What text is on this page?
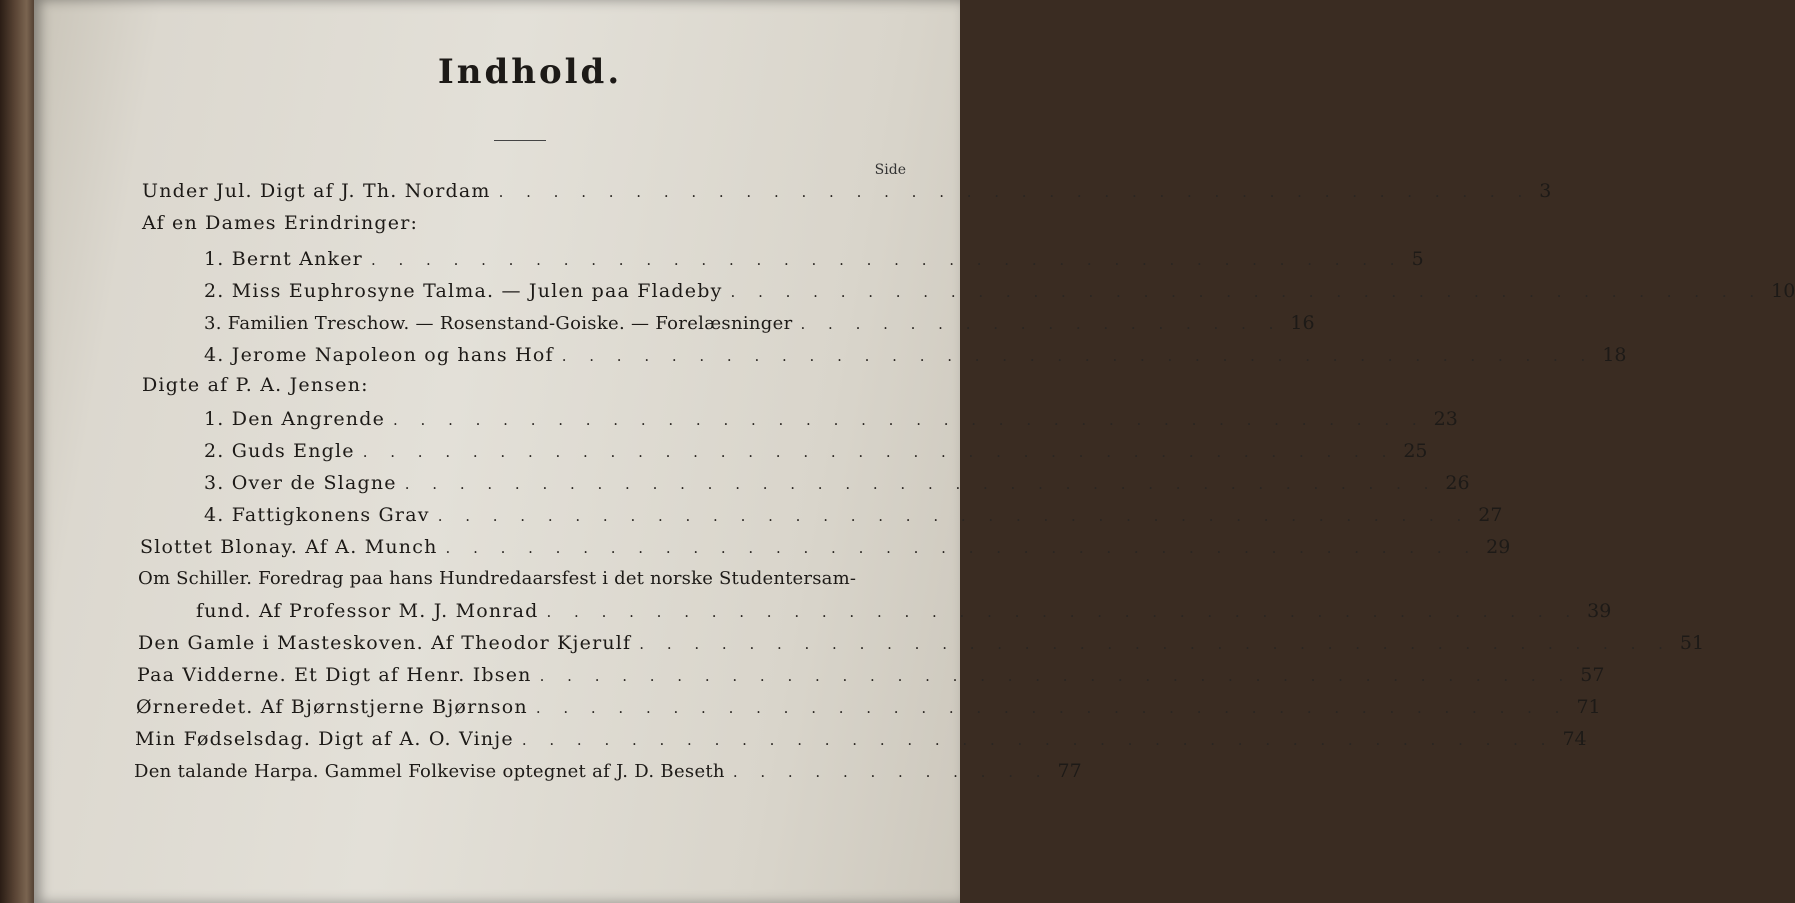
Side
Indhold.
Under Jul. Digt af J. Th. Nordam . . . . . . . . . . . . . . . . . . . . . . . . . . . . . . . . . . . . . . 3
Af en Dames Erindringer:
1. Bernt Anker . . . . . . . . . . . . . . . . . . . . . . . . . . . . . . . . . . . . . . 5
2. Miss Euphrosyne Talma. — Julen paa Fladeby . . . . . . . . . . . . . . . . . . . . . . . . . . . . . . . . . . . . . . 10
3. Familien Treschow. — Rosenstand-Goiske. — Forelæsninger . . . . . . . . . . . . . . . . . . 16
4. Jerome Napoleon og hans Hof . . . . . . . . . . . . . . . . . . . . . . . . . . . . . . . . . . . . . . 18
Digte af P. A. Jensen:
1. Den Angrende . . . . . . . . . . . . . . . . . . . . . . . . . . . . . . . . . . . . . . 23
2. Guds Engle . . . . . . . . . . . . . . . . . . . . . . . . . . . . . . . . . . . . . . 25
3. Over de Slagne . . . . . . . . . . . . . . . . . . . . . . . . . . . . . . . . . . . . . . 26
4. Fattigkonens Grav . . . . . . . . . . . . . . . . . . . . . . . . . . . . . . . . . . . . . . 27
Slottet Blonay. Af A. Munch . . . . . . . . . . . . . . . . . . . . . . . . . . . . . . . . . . . . . . 29
Om Schiller. Foredrag paa hans Hundredaarsfest i det norske Studentersam-
fund. Af Professor M. J. Monrad . . . . . . . . . . . . . . . . . . . . . . . . . . . . . . . . . . . . . . 39
Den Gamle i Masteskoven. Af Theodor Kjerulf . . . . . . . . . . . . . . . . . . . . . . . . . . . . . . . . . . . . . . 51
Paa Vidderne. Et Digt af Henr. Ibsen . . . . . . . . . . . . . . . . . . . . . . . . . . . . . . . . . . . . . . 57
Ørneredet. Af Bjørnstjerne Bjørnson . . . . . . . . . . . . . . . . . . . . . . . . . . . . . . . . . . . . . . 71
Min Fødselsdag. Digt af A. O. Vinje . . . . . . . . . . . . . . . . . . . . . . . . . . . . . . . . . . . . . . 74
Den talande Harpa. Gammel Folkevise optegnet af J. D. Beseth . . . . . . . . . . . . 77
